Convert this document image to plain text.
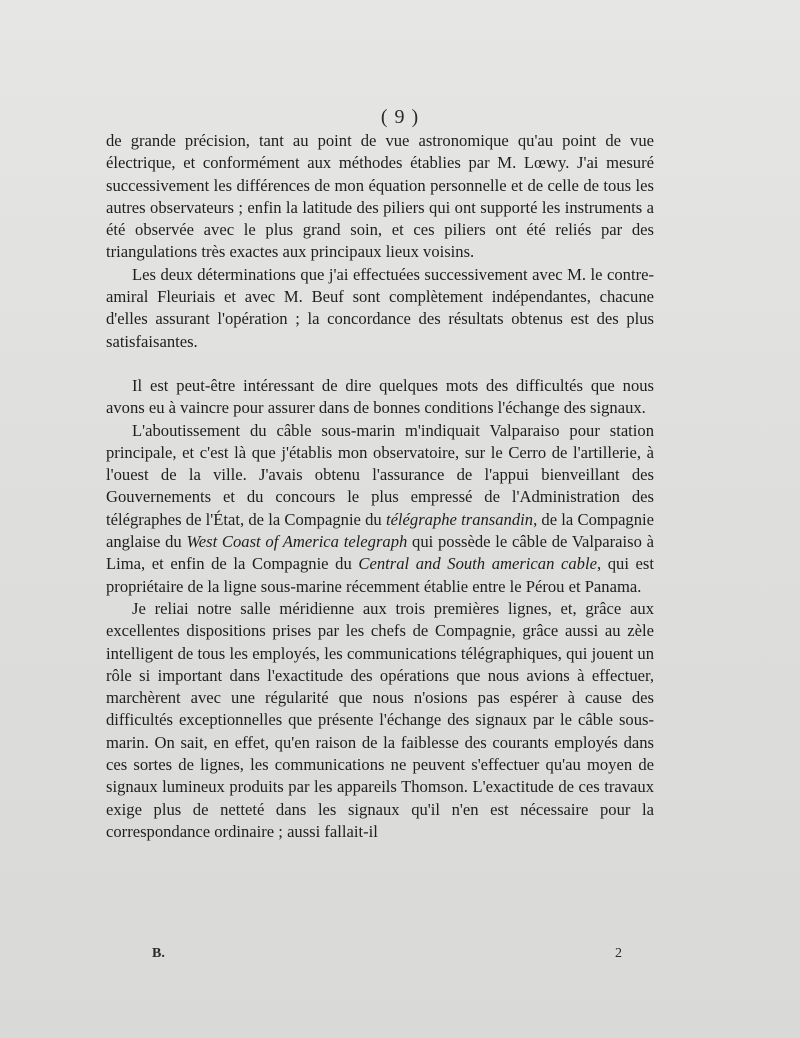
( 9 )

de grande précision, tant au point de vue astronomique qu'au point de vue électrique, et conformément aux méthodes établies par M. Lœwy. J'ai mesuré successivement les différences de mon équation personnelle et de celle de tous les autres observateurs ; enfin la latitude des piliers qui ont supporté les instruments a été observée avec le plus grand soin, et ces piliers ont été reliés par des triangulations très exactes aux principaux lieux voisins.

Les deux déterminations que j'ai effectuées successivement avec M. le contre-amiral Fleuriais et avec M. Beuf sont complètement indépendantes, chacune d'elles assurant l'opération ; la concordance des résultats obtenus est des plus satisfaisantes.

Il est peut-être intéressant de dire quelques mots des difficultés que nous avons eu à vaincre pour assurer dans de bonnes conditions l'échange des signaux.

L'aboutissement du câble sous-marin m'indiquait Valparaiso pour station principale, et c'est là que j'établis mon observatoire, sur le Cerro de l'artillerie, à l'ouest de la ville. J'avais obtenu l'assurance de l'appui bienveillant des Gouvernements et du concours le plus empressé de l'Administration des télégraphes de l'État, de la Compagnie du télégraphe transandin, de la Compagnie anglaise du West Coast of America telegraph qui possède le câble de Valparaiso à Lima, et enfin de la Compagnie du Central and South american cable, qui est propriétaire de la ligne sous-marine récemment établie entre le Pérou et Panama.

Je reliai notre salle méridienne aux trois premières lignes, et, grâce aux excellentes dispositions prises par les chefs de Compagnie, grâce aussi au zèle intelligent de tous les employés, les communications télégraphiques, qui jouent un rôle si important dans l'exactitude des opérations que nous avions à effectuer, marchèrent avec une régularité que nous n'osions pas espérer à cause des difficultés exceptionnelles que présente l'échange des signaux par le câble sous-marin. On sait, en effet, qu'en raison de la faiblesse des courants employés dans ces sortes de lignes, les communications ne peuvent s'effectuer qu'au moyen de signaux lumineux produits par les appareils Thomson. L'exactitude de ces travaux exige plus de netteté dans les signaux qu'il n'en est nécessaire pour la correspondance ordinaire ; aussi fallait-il

B.	2
